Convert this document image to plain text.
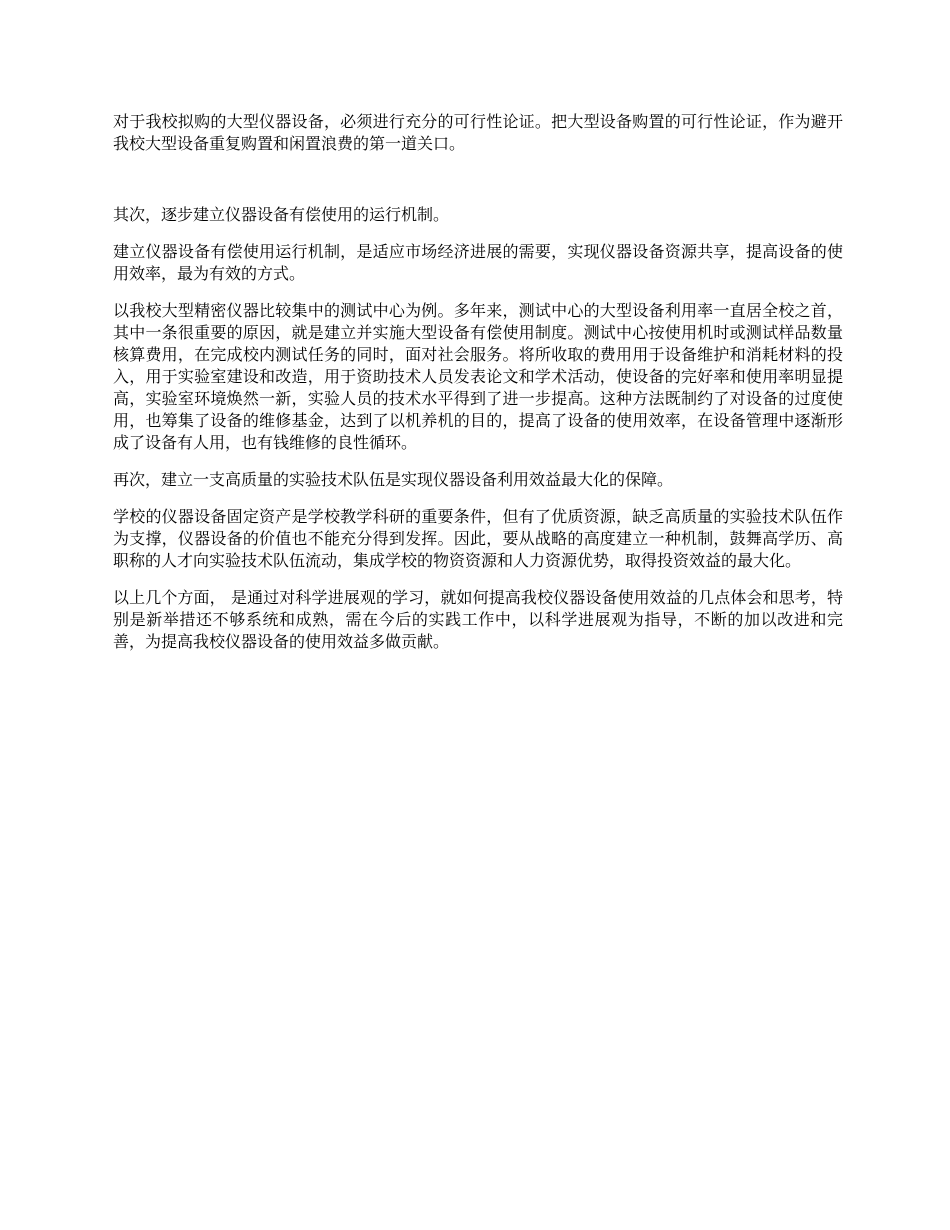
对于我校拟购的大型仪器设备，必须进行充分的可行性论证。把大型设备购置的可行性论证，作为避开我校大型设备重复购置和闲置浪费的第一道关口。

其次，逐步建立仪器设备有偿使用的运行机制。

建立仪器设备有偿使用运行机制，是适应市场经济进展的需要，实现仪器设备资源共享，提高设备的使用效率，最为有效的方式。

以我校大型精密仪器比较集中的测试中心为例。多年来，测试中心的大型设备利用率一直居全校之首，其中一条很重要的原因，就是建立并实施大型设备有偿使用制度。测试中心按使用机时或测试样品数量核算费用，在完成校内测试任务的同时，面对社会服务。将所收取的费用用于设备维护和消耗材料的投入，用于实验室建设和改造，用于资助技术人员发表论文和学术活动，使设备的完好率和使用率明显提高，实验室环境焕然一新，实验人员的技术水平得到了进一步提高。这种方法既制约了对设备的过度使用，也筹集了设备的维修基金，达到了以机养机的目的，提高了设备的使用效率，在设备管理中逐渐形成了设备有人用，也有钱维修的良性循环。

再次，建立一支高质量的实验技术队伍是实现仪器设备利用效益最大化的保障。

学校的仪器设备固定资产是学校教学科研的重要条件，但有了优质资源，缺乏高质量的实验技术队伍作为支撑，仪器设备的价值也不能充分得到发挥。因此，要从战略的高度建立一种机制，鼓舞高学历、高职称的人才向实验技术队伍流动，集成学校的物资资源和人力资源优势，取得投资效益的最大化。

以上几个方面， 是通过对科学进展观的学习，就如何提高我校仪器设备使用效益的几点体会和思考，特别是新举措还不够系统和成熟，需在今后的实践工作中，以科学进展观为指导，不断的加以改进和完善，为提高我校仪器设备的使用效益多做贡献。
